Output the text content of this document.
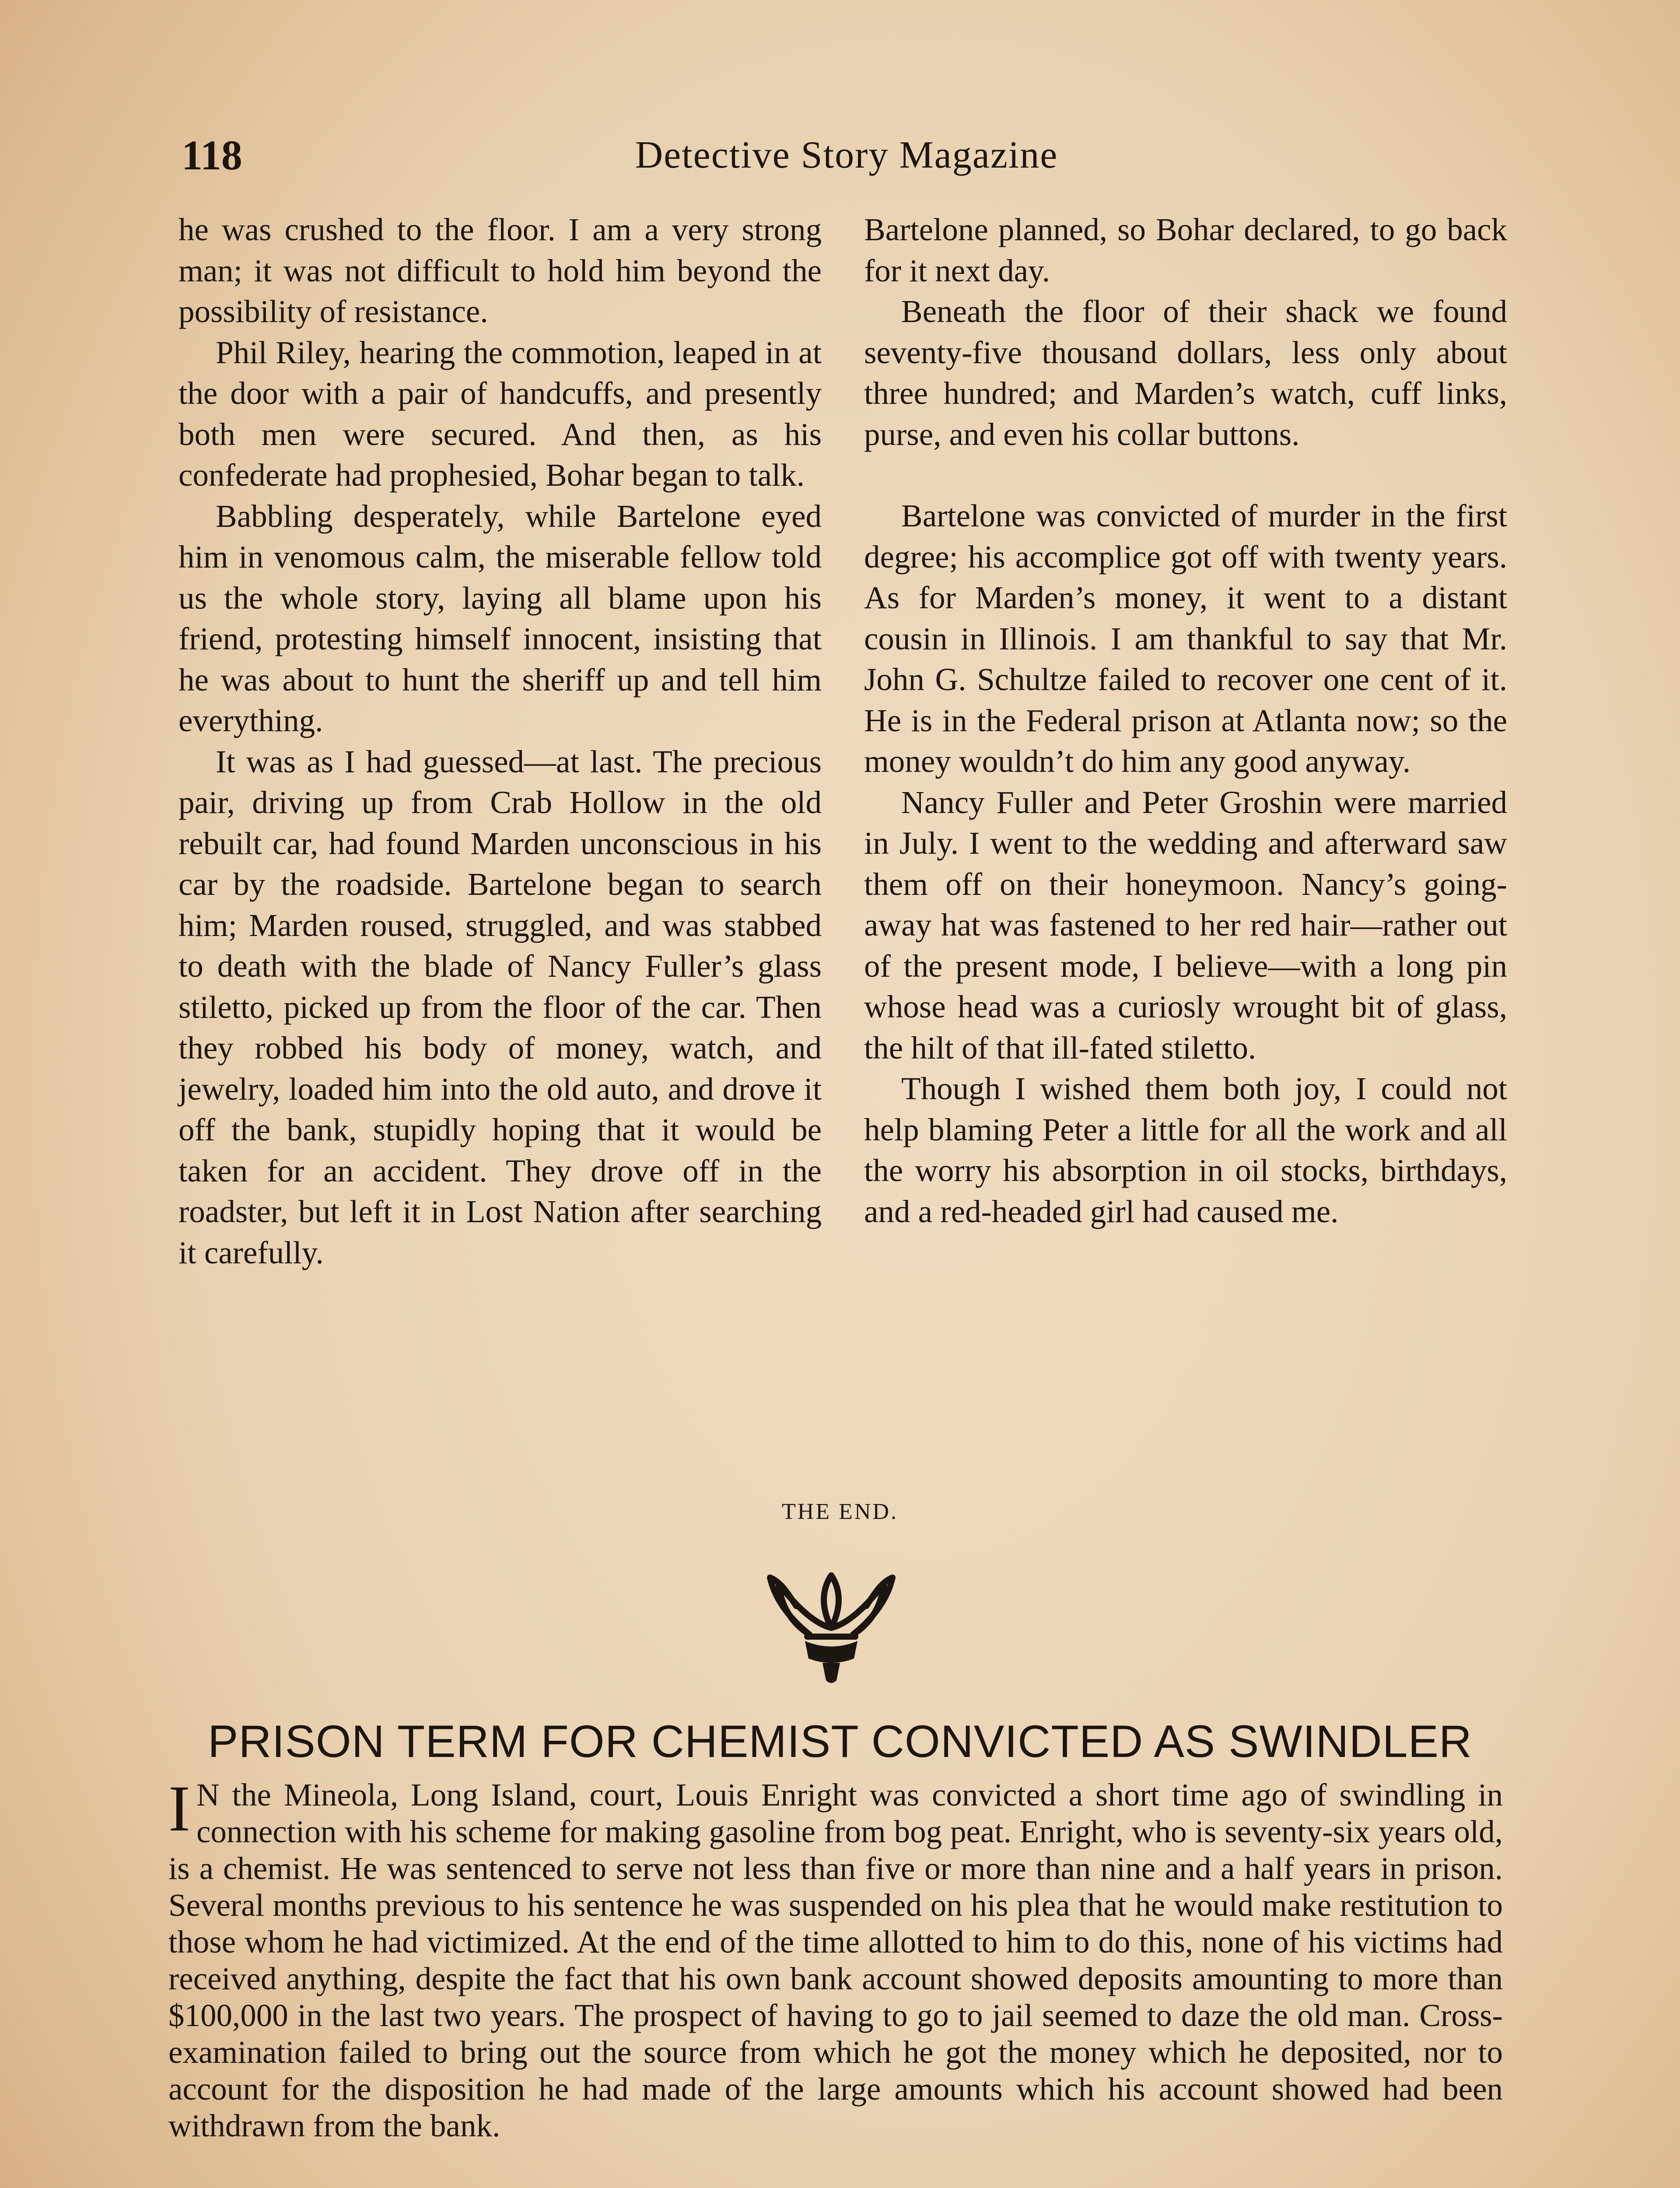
118	Detective Story Magazine

he was crushed to the floor. I am a very strong man; it was not difficult to hold him beyond the possibility of resistance.

Phil Riley, hearing the commotion, leaped in at the door with a pair of handcuffs, and presently both men were secured. And then, as his confederate had prophesied, Bohar began to talk.

Babbling desperately, while Bartelone eyed him in venomous calm, the miserable fellow told us the whole story, laying all blame upon his friend, protesting himself innocent, insisting that he was about to hunt the sheriff up and tell him everything.

It was as I had guessed—at last. The precious pair, driving up from Crab Hollow in the old rebuilt car, had found Marden unconscious in his car by the roadside. Bartelone began to search him; Marden roused, struggled, and was stabbed to death with the blade of Nancy Fuller’s glass stiletto, picked up from the floor of the car. Then they robbed his body of money, watch, and jewelry, loaded him into the old auto, and drove it off the bank, stupidly hoping that it would be taken for an accident. They drove off in the roadster, but left it in Lost Nation after searching it carefully.

Bartelone planned, so Bohar declared, to go back for it next day.

Beneath the floor of their shack we found seventy-five thousand dollars, less only about three hundred; and Marden’s watch, cuff links, purse, and even his collar buttons.

Bartelone was convicted of murder in the first degree; his accomplice got off with twenty years. As for Marden’s money, it went to a distant cousin in Illinois. I am thankful to say that Mr. John G. Schultze failed to recover one cent of it. He is in the Federal prison at Atlanta now; so the money wouldn’t do him any good anyway.

Nancy Fuller and Peter Groshin were married in July. I went to the wedding and afterward saw them off on their honeymoon. Nancy’s going-away hat was fastened to her red hair—rather out of the present mode, I believe—with a long pin whose head was a curiosly wrought bit of glass, the hilt of that ill-fated stiletto.

Though I wished them both joy, I could not help blaming Peter a little for all the work and all the worry his absorption in oil stocks, birthdays, and a red-headed girl had caused me.

THE END.
PRISON TERM FOR CHEMIST CONVICTED AS SWINDLER

I N the Mineola, Long Island, court, Louis Enright was convicted a short time ago of swindling in connection with his scheme for making gasoline from bog peat. Enright, who is seventy-six years old, is a chemist. He was sentenced to serve not less than five or more than nine and a half years in prison. Several months previous to his sentence he was suspended on his plea that he would make restitution to those whom he had victimized. At the end of the time allotted to him to do this, none of his victims had received anything, despite the fact that his own bank account showed deposits amounting to more than $100,000 in the last two years. The prospect of having to go to jail seemed to daze the old man. Cross-examination failed to bring out the source from which he got the money which he deposited, nor to account for the disposition he had made of the large amounts which his account showed had been withdrawn from the bank.
